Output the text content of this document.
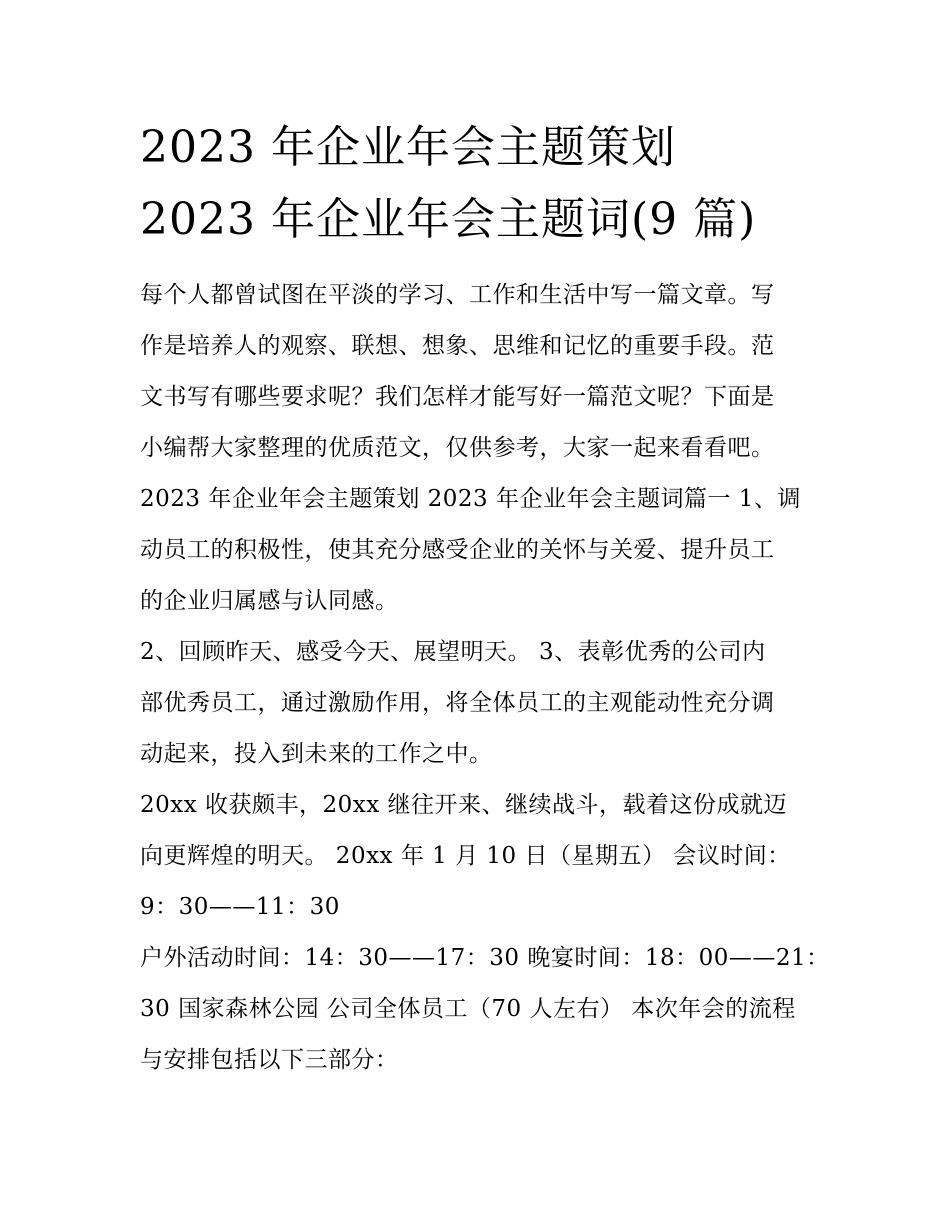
2023 年企业年会主题策划
2023 年企业年会主题词(9 篇)

每个人都曾试图在平淡的学习、工作和生活中写一篇文章。写
作是培养人的观察、联想、想象、思维和记忆的重要手段。范
文书写有哪些要求呢？我们怎样才能写好一篇范文呢？下面是
小编帮大家整理的优质范文，仅供参考，大家一起来看看吧。
2023 年企业年会主题策划 2023 年企业年会主题词篇一 1、调
动员工的积极性，使其充分感受企业的关怀与关爱、提升员工
的企业归属感与认同感。

2、回顾昨天、感受今天、展望明天。 3、表彰优秀的公司内
部优秀员工，通过激励作用，将全体员工的主观能动性充分调
动起来，投入到未来的工作之中。

20xx 收获颇丰，20xx 继往开来、继续战斗，载着这份成就迈
向更辉煌的明天。 20xx 年 1 月 10 日（星期五） 会议时间：
9：30——11：30

户外活动时间：14：30——17：30 晚宴时间：18：00——21：
30 国家森林公园 公司全体员工（70 人左右） 本次年会的流程
与安排包括以下三部分：
